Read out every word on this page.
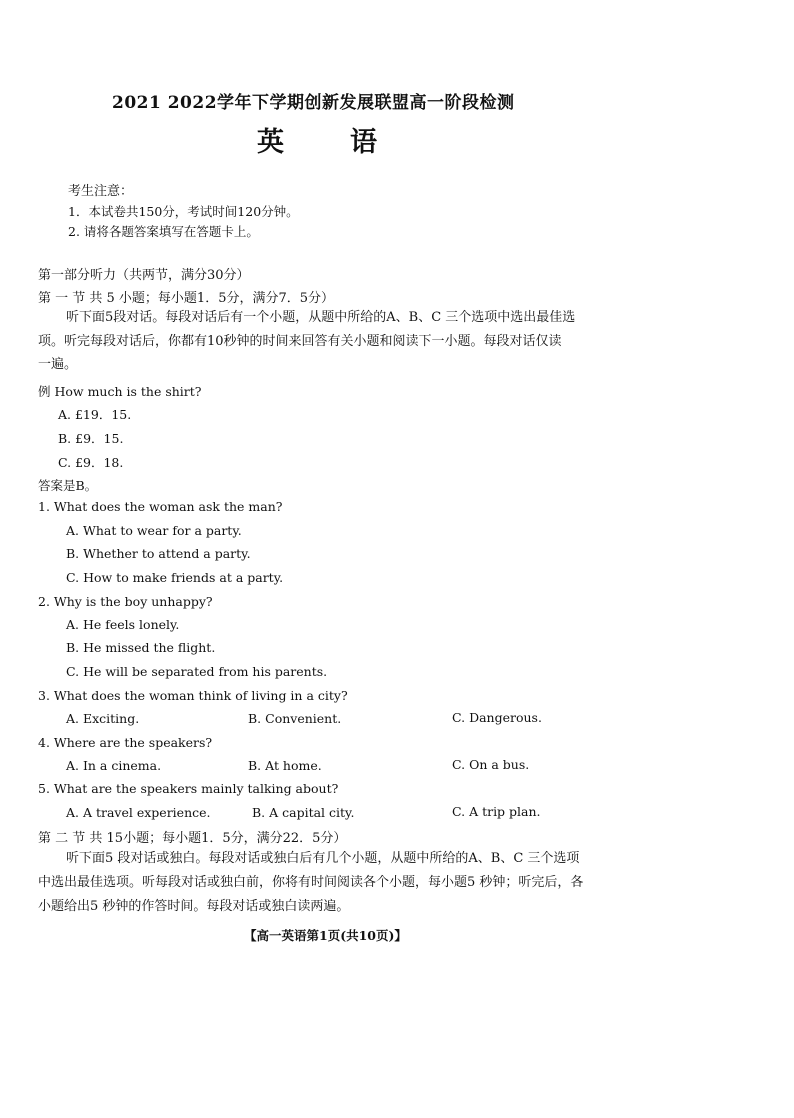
2021 2022学年下学期创新发展联盟高一阶段检测
英 语
考生注意：
1．本试卷共150分，考试时间120分钟。
2. 请将各题答案填写在答题卡上。
第一部分听力（共两节，满分30分）
第 一 节 共 5 小题；每小题1．5分，满分7．5分）
听下面5段对话。每段对话后有一个小题，从题中所给的A、B、C 三个选项中选出最佳选
项。听完每段对话后，你都有10秒钟的时间来回答有关小题和阅读下一小题。每段对话仅读
一遍。
例 How much is the shirt?
A. £19．15.
B. £9．15.
C. £9．18.
答案是B。
1. What does the woman ask the man?
A. What to wear for a party.
B. Whether to attend a party.
C. How to make friends at a party.
2. Why is the boy unhappy?
A. He feels lonely.
B. He missed the flight.
C. He will be separated from his parents.
3. What does the woman think of living in a city?
A. Exciting.	B. Convenient.	C. Dangerous.
4. Where are the speakers?
A. In a cinema.	B. At home.	C. On a bus.
5. What are the speakers mainly talking about?
A. A travel experience.	B. A capital city.	C. A trip plan.
第 二 节 共 15小题；每小题1．5分，满分22．5分）
听下面5 段对话或独白。每段对话或独白后有几个小题，从题中所给的A、B、C 三个选项
中选出最佳选项。听每段对话或独白前，你将有时间阅读各个小题，每小题5 秒钟；听完后，各
小题给出5 秒钟的作答时间。每段对话或独白读两遍。
【高一英语第1页(共10页)】
